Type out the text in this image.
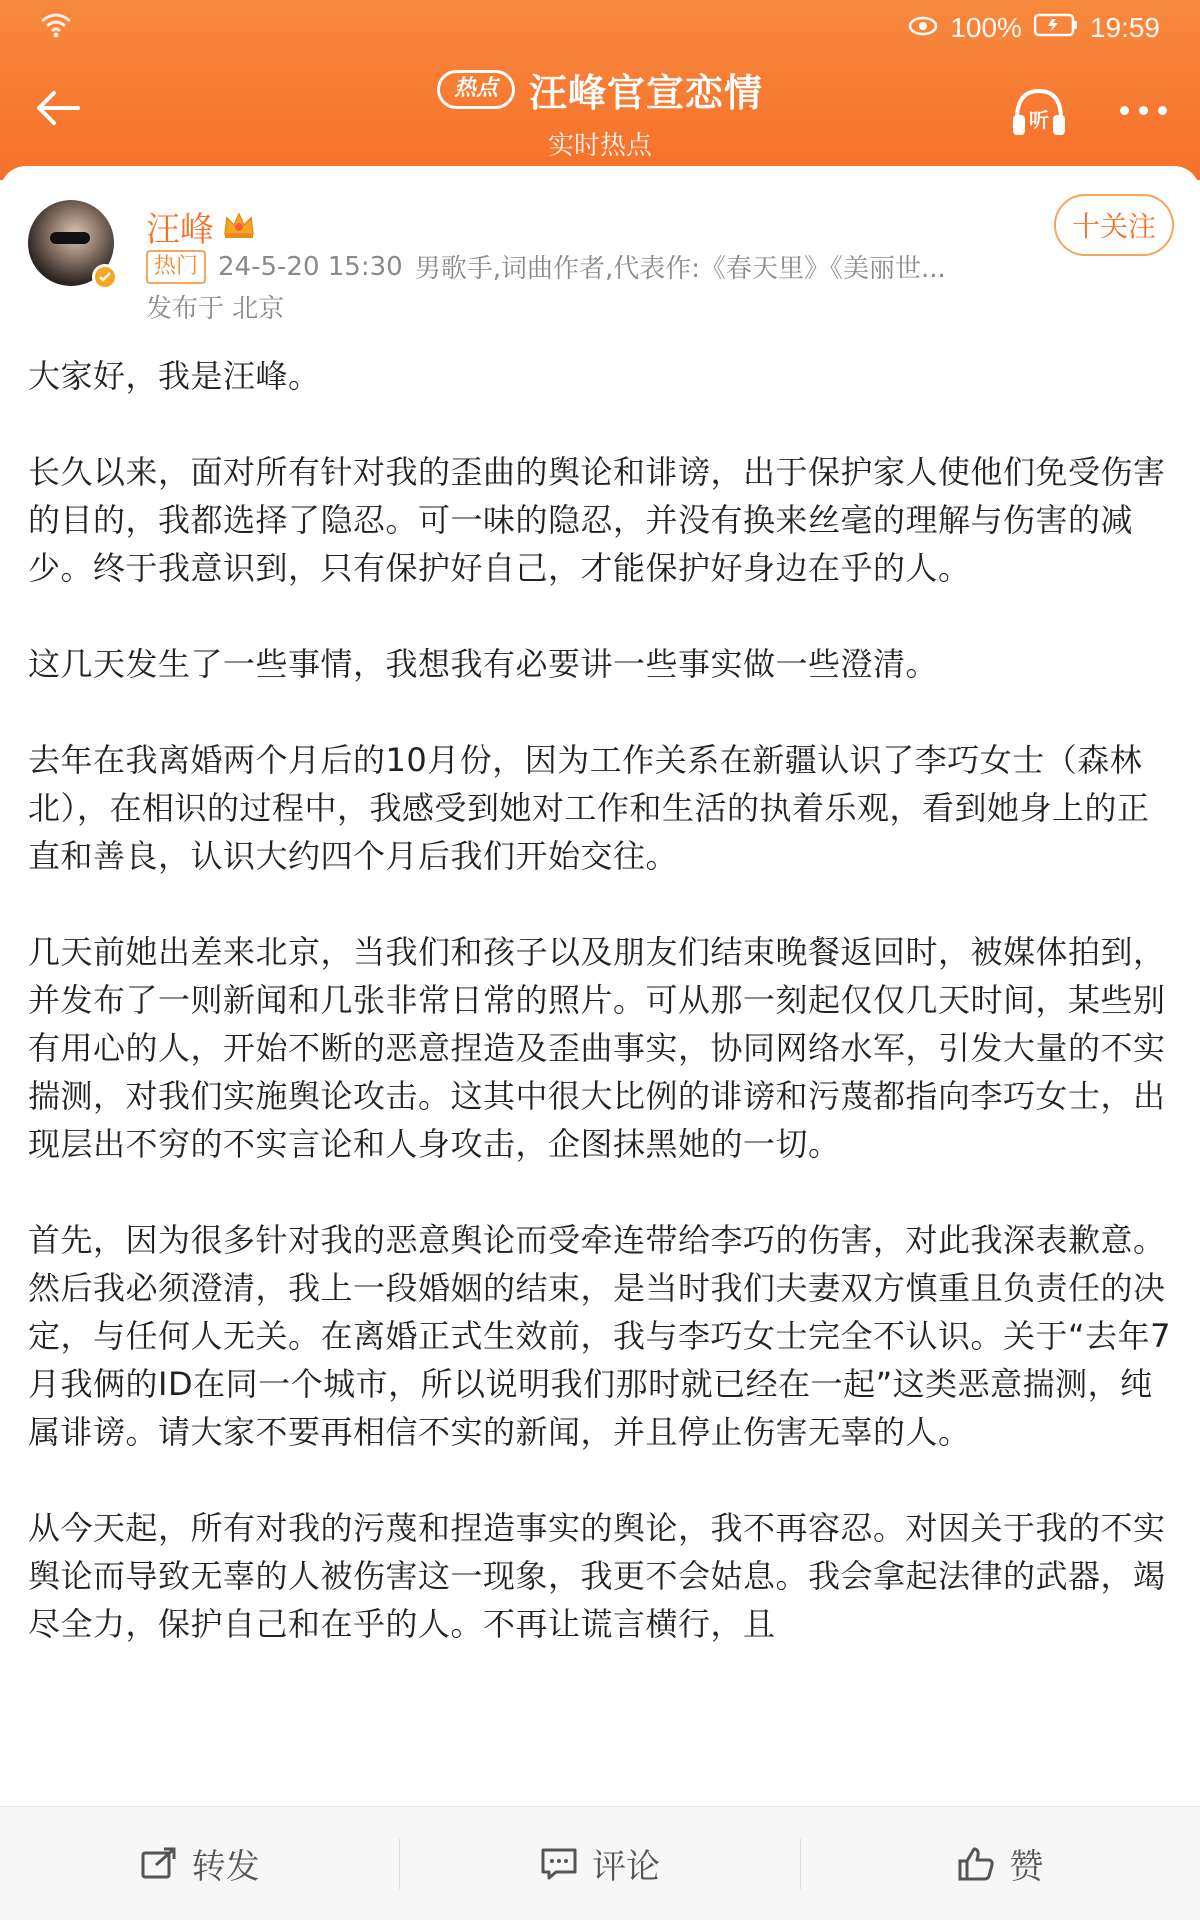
100% 19:59
热点 汪峰官宣恋情
实时热点
听
汪峰
热门 24-5-20 15:30 男歌手,词曲作者,代表作:《春天里》《美丽世...
发布于 北京
十关注

大家好，我是汪峰。

长久以来，面对所有针对我的歪曲的舆论和诽谤，出于保护家人使他们免受伤害的目的，我都选择了隐忍。可一味的隐忍，并没有换来丝毫的理解与伤害的减少。终于我意识到，只有保护好自己，才能保护好身边在乎的人。

这几天发生了一些事情，我想我有必要讲一些事实做一些澄清。

去年在我离婚两个月后的10月份，因为工作关系在新疆认识了李巧女士（森林北），在相识的过程中，我感受到她对工作和生活的执着乐观，看到她身上的正直和善良，认识大约四个月后我们开始交往。

几天前她出差来北京，当我们和孩子以及朋友们结束晚餐返回时，被媒体拍到，并发布了一则新闻和几张非常日常的照片。可从那一刻起仅仅几天时间，某些别有用心的人，开始不断的恶意捏造及歪曲事实，协同网络水军，引发大量的不实揣测，对我们实施舆论攻击。这其中很大比例的诽谤和污蔑都指向李巧女士，出现层出不穷的不实言论和人身攻击，企图抹黑她的一切。

首先，因为很多针对我的恶意舆论而受牵连带给李巧的伤害，对此我深表歉意。然后我必须澄清，我上一段婚姻的结束，是当时我们夫妻双方慎重且负责任的决定，与任何人无关。在离婚正式生效前，我与李巧女士完全不认识。关于“去年7月我俩的ID在同一个城市，所以说明我们那时就已经在一起”这类恶意揣测，纯属诽谤。请大家不要再相信不实的新闻，并且停止伤害无辜的人。

从今天起，所有对我的污蔑和捏造事实的舆论，我不再容忍。对因关于我的不实舆论而导致无辜的人被伤害这一现象，我更不会姑息。我会拿起法律的武器，竭尽全力，保护自己和在乎的人。不再让谎言横行，且

转发	评论	赞
